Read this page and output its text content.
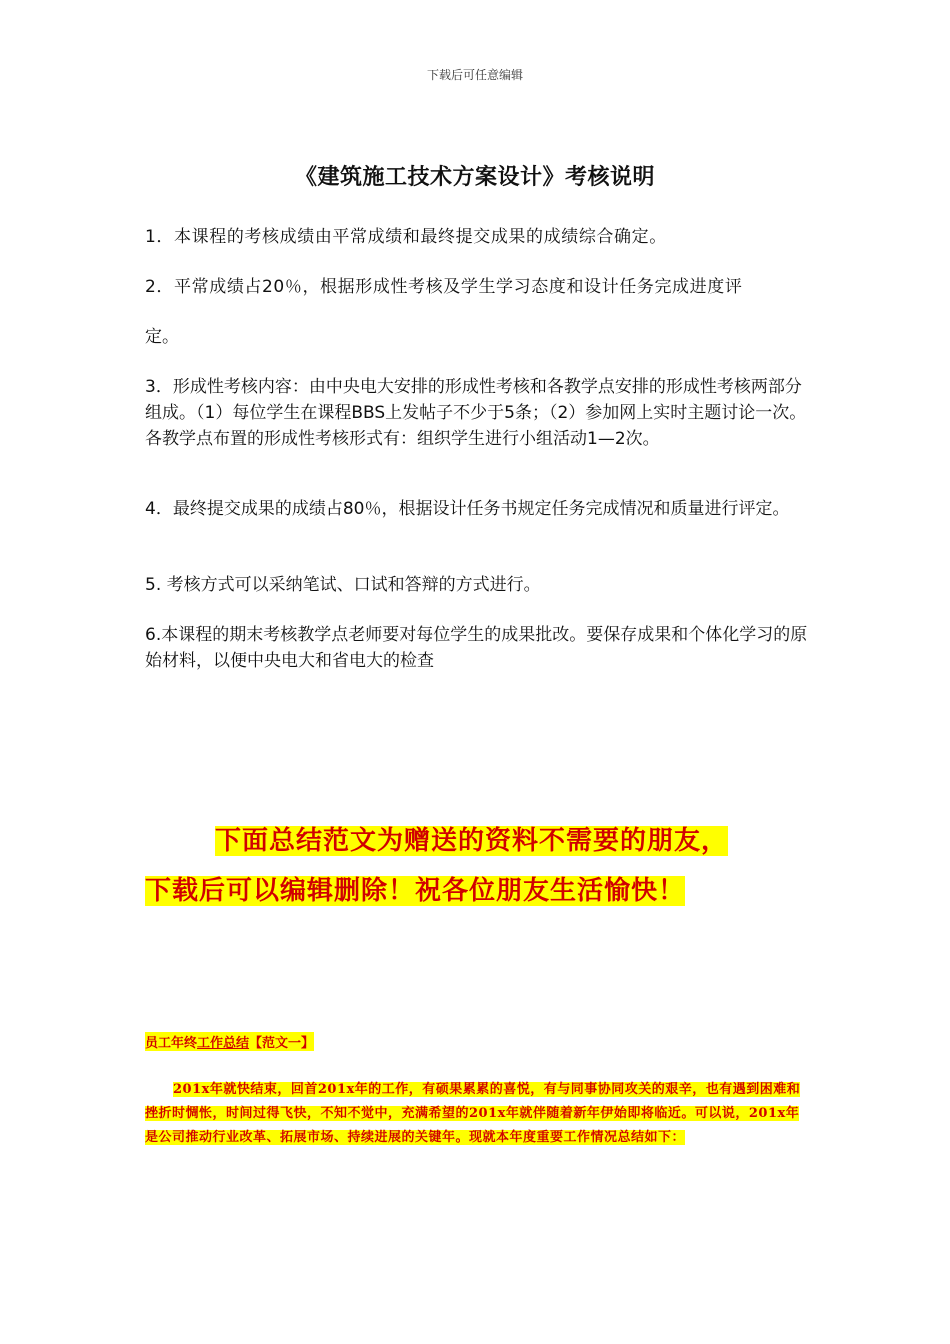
下载后可任意编辑
《建筑施工技术方案设计》考核说明
1．本课程的考核成绩由平常成绩和最终提交成果的成绩综合确定。
2．平常成绩占20％，根据形成性考核及学生学习态度和设计任务完成进度评
定。
3．形成性考核内容：由中央电大安排的形成性考核和各教学点安排的形成性考核两部分组成。（1）每位学生在课程BBS上发帖子不少于5条；（2）参加网上实时主题讨论一次。各教学点布置的形成性考核形式有：组织学生进行小组活动1—2次。
4．最终提交成果的成绩占80％，根据设计任务书规定任务完成情况和质量进行评定。
5. 考核方式可以采纳笔试、口试和答辩的方式进行。
6.本课程的期末考核教学点老师要对每位学生的成果批改。要保存成果和个体化学习的原始材料，以便中央电大和省电大的检查
下面总结范文为赠送的资料不需要的朋友，
下载后可以编辑删除！祝各位朋友生活愉快！
员工年终工作总结【范文一】
201x年就快结束，回首201x年的工作，有硕果累累的喜悦，有与同事协同攻关的艰辛，也有遇到困难和挫折时惆怅，时间过得飞快，不知不觉中，充满希望的201x年就伴随着新年伊始即将临近。可以说，201x年是公司推动行业改革、拓展市场、持续进展的关键年。现就本年度重要工作情况总结如下：
